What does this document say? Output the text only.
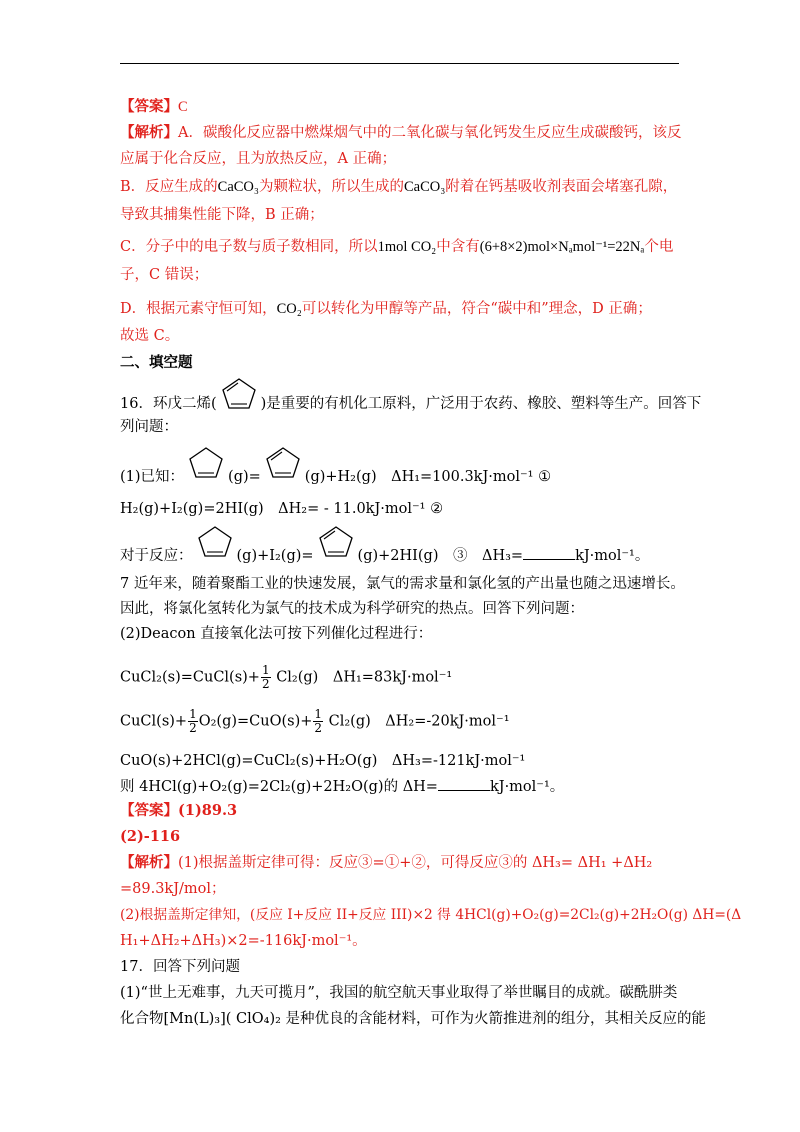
【答案】C
【解析】A．碳酸化反应器中燃煤烟气中的二氧化碳与氧化钙发生反应生成碳酸钙，该反
应属于化合反应，且为放热反应，A 正确；
B．反应生成的CaCO₃为颗粒状，所以生成的CaCO₃附着在钙基吸收剂表面会堵塞孔隙，
导致其捕集性能下降，B 正确；
C．分子中的电子数与质子数相同，所以1mol CO₂中含有(6+8×2)mol×Nₐmol⁻¹=22Nₐ个电
子，C 错误；
D．根据元素守恒可知，CO₂可以转化为甲醇等产品，符合“碳中和”理念，D 正确；
故选 C。
二、填空题
16．环戊二烯(	)是重要的有机化工原料，广泛用于农药、橡胶、塑料等生产。回答下
列问题：
(1)已知：	(g)=	(g)+H₂(g)　ΔH₁=100.3kJ·mol⁻¹ ①
H₂(g)+I₂(g)=2HI(g)　ΔH₂= - 11.0kJ·mol⁻¹ ②
对于反应：	(g)+I₂(g)=	(g)+2HI(g)　③　ΔH₃=	kJ·mol⁻¹。
7 近年来，随着聚酯工业的快速发展，氯气的需求量和氯化氢的产出量也随之迅速增长。
因此，将氯化氢转化为氯气的技术成为科学研究的热点。回答下列问题：
(2)Deacon 直接氧化法可按下列催化过程进行：
CuCl₂(s)=CuCl(s)+ $\frac{1}{2} Cl_2(g)$　ΔH₁=83kJ·mol⁻¹
CuCl(s)+ $\frac{1}{2} O_2(g)=CuO(s)+ \frac{1}{2} Cl_2(g)$　ΔH₂=-20kJ·mol⁻¹
CuO(s)+2HCl(g)=CuCl₂(s)+H₂O(g)　ΔH₃=-121kJ·mol⁻¹
则 4HCl(g)+O₂(g)=2Cl₂(g)+2H₂O(g)的 ΔH=	kJ·mol⁻¹。
【答案】(1)89.3
(2)-116
【解析】(1)根据盖斯定律可得：反应③=①+②，可得反应③的 ΔH₃= ΔH₁ +ΔH₂
=89.3kJ/mol；
(2)根据盖斯定律知，(反应 I+反应 II+反应 III)×2 得 4HCl(g)+O₂(g)=2Cl₂(g)+2H₂O(g) ΔH=(Δ
H₁+ΔH₂+ΔH₃)×2=-116kJ·mol⁻¹。
17．回答下列问题
(1)“世上无难事，九天可揽月”，我国的航空航天事业取得了举世瞩目的成就。碳酰肼类
化合物[Mn(L)₃]( ClO₄)₂ 是种优良的含能材料，可作为火箭推进剂的组分，其相关反应的能
